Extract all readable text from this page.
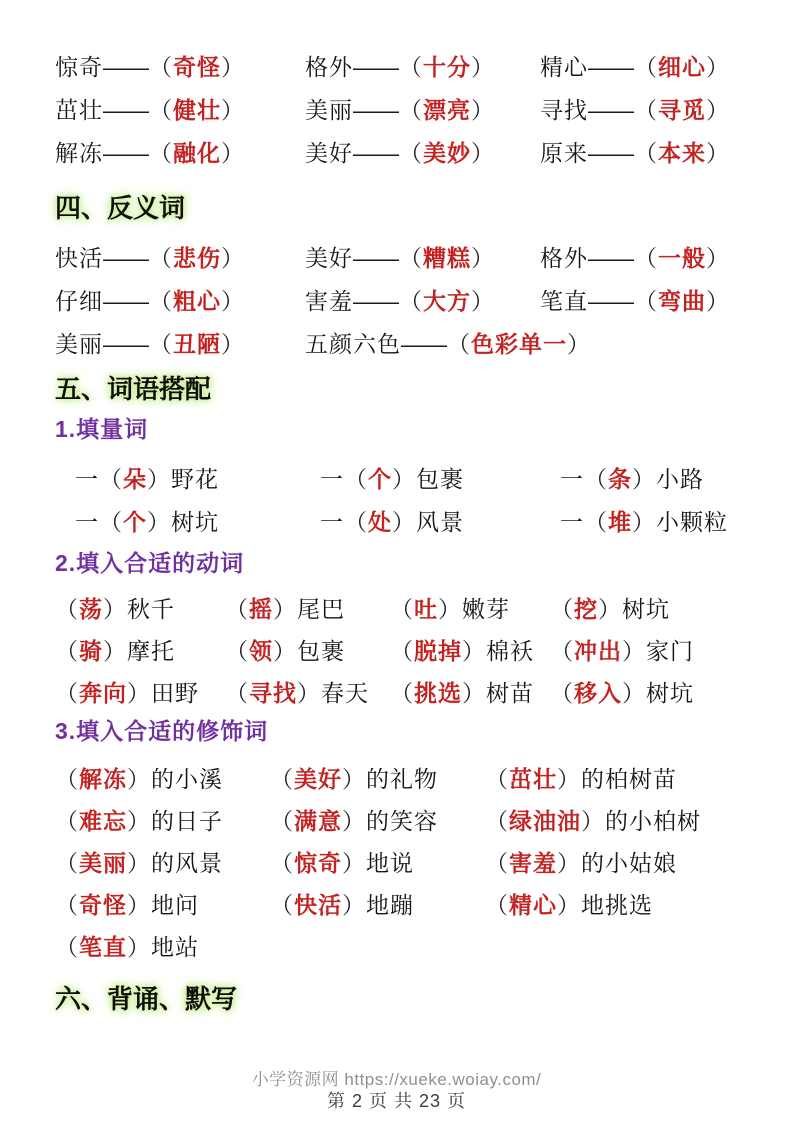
惊奇——（奇怪）	格外——（十分）	精心——（细心）
茁壮——（健壮）	美丽——（漂亮）	寻找——（寻觅）
解冻——（融化）	美好——（美妙）	原来——（本来）
四、反义词
快活——（悲伤）	美好——（糟糕）	格外——（一般）
仔细——（粗心）	害羞——（大方）	笔直——（弯曲）
美丽——（丑陋）	五颜六色——（色彩单一）
五、词语搭配
1.填量词
一（朵）野花	一（个）包裹	一（条）小路
一（个）树坑	一（处）风景	一（堆）小颗粒
2.填入合适的动词
（荡）秋千	（摇）尾巴	（吐）嫩芽	（挖）树坑
（骑）摩托	（领）包裹	（脱掉）棉袄 （冲出）家门
（奔向）田野	（寻找）春天 （挑选）树苗 （移入）树坑
3.填入合适的修饰词
（解冻）的小溪	（美好）的礼物	（茁壮）的柏树苗
（难忘）的日子	（满意）的笑容	（绿油油）的小柏树
（美丽）的风景	（惊奇）地说	（害羞）的小姑娘
（奇怪）地问	（快活）地蹦	（精心）地挑选
（笔直）地站
六、背诵、默写
小学资源网 https://xueke.woiay.com/
第 2 页 共 23 页
